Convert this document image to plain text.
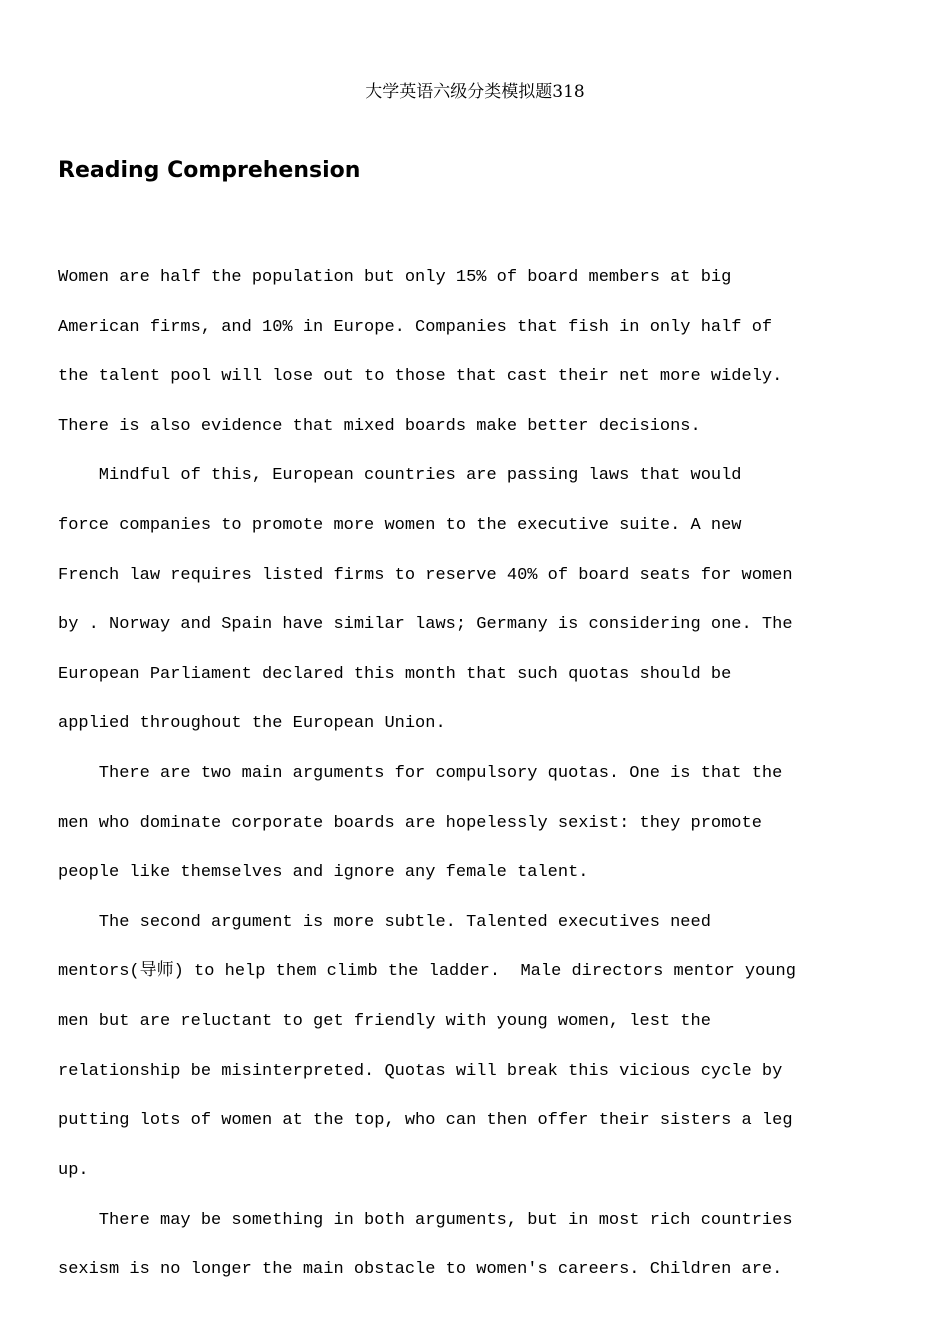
大学英语六级分类模拟题318
Reading Comprehension
Women are half the population but only 15% of board members at big
American firms, and 10% in Europe. Companies that fish in only half of
the talent pool will lose out to those that cast their net more widely.
There is also evidence that mixed boards make better decisions.
Mindful of this, European countries are passing laws that would
force companies to promote more women to the executive suite. A new
French law requires listed firms to reserve 40% of board seats for women
by . Norway and Spain have similar laws; Germany is considering one. The
European Parliament declared this month that such quotas should be
applied throughout the European Union.
There are two main arguments for compulsory quotas. One is that the
men who dominate corporate boards are hopelessly sexist: they promote
people like themselves and ignore any female talent.
The second argument is more subtle. Talented executives need
mentors(导师) to help them climb the ladder.  Male directors mentor young
men but are reluctant to get friendly with young women, lest the
relationship be misinterpreted. Quotas will break this vicious cycle by
putting lots of women at the top, who can then offer their sisters a leg
up.
There may be something in both arguments, but in most rich countries
sexism is no longer the main obstacle to women's careers. Children are.
